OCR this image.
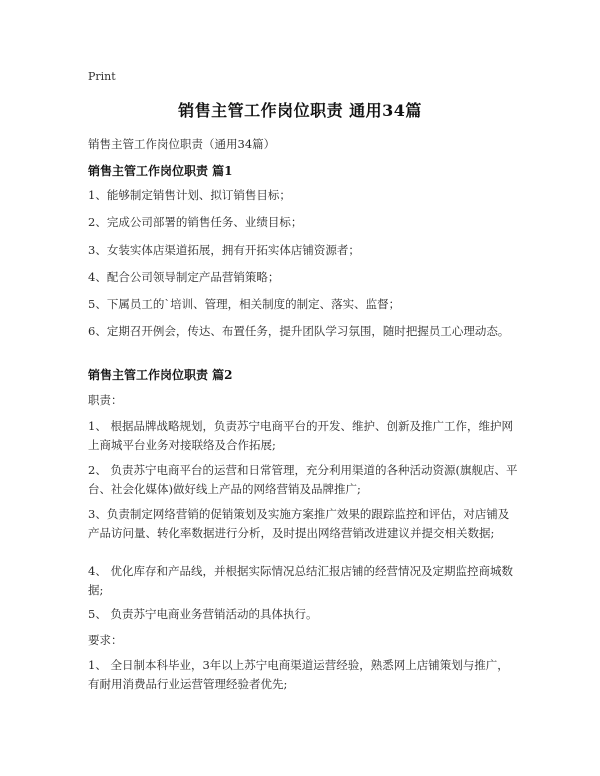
Print
销售主管工作岗位职责 通用34篇
销售主管工作岗位职责（通用34篇）
销售主管工作岗位职责 篇1
1、能够制定销售计划、拟订销售目标；
2、完成公司部署的销售任务、业绩目标；
3、女装实体店渠道拓展，拥有开拓实体店铺资源者；
4、配合公司领导制定产品营销策略；
5、下属员工的`培训、管理，相关制度的制定、落实、监督；
6、定期召开例会，传达、布置任务，提升团队学习氛围，随时把握员工心理动态。
销售主管工作岗位职责 篇2
职责：
1、 根据品牌战略规划，负责苏宁电商平台的开发、维护、创新及推广工作，维护网上商城平台业务对接联络及合作拓展;
2、 负责苏宁电商平台的运营和日常管理，充分利用渠道的各种活动资源(旗舰店、平台、社会化媒体)做好线上产品的网络营销及品牌推广;
3、负责制定网络营销的促销策划及实施方案推广效果的跟踪监控和评估，对店铺及产品访问量、转化率数据进行分析，及时提出网络营销改进建议并提交相关数据;
4、 优化库存和产品线，并根据实际情况总结汇报店铺的经营情况及定期监控商城数据;
5、 负责苏宁电商业务营销活动的具体执行。
要求：
1、 全日制本科毕业，3年以上苏宁电商渠道运营经验，熟悉网上店铺策划与推广，有耐用消费品行业运营管理经验者优先;
